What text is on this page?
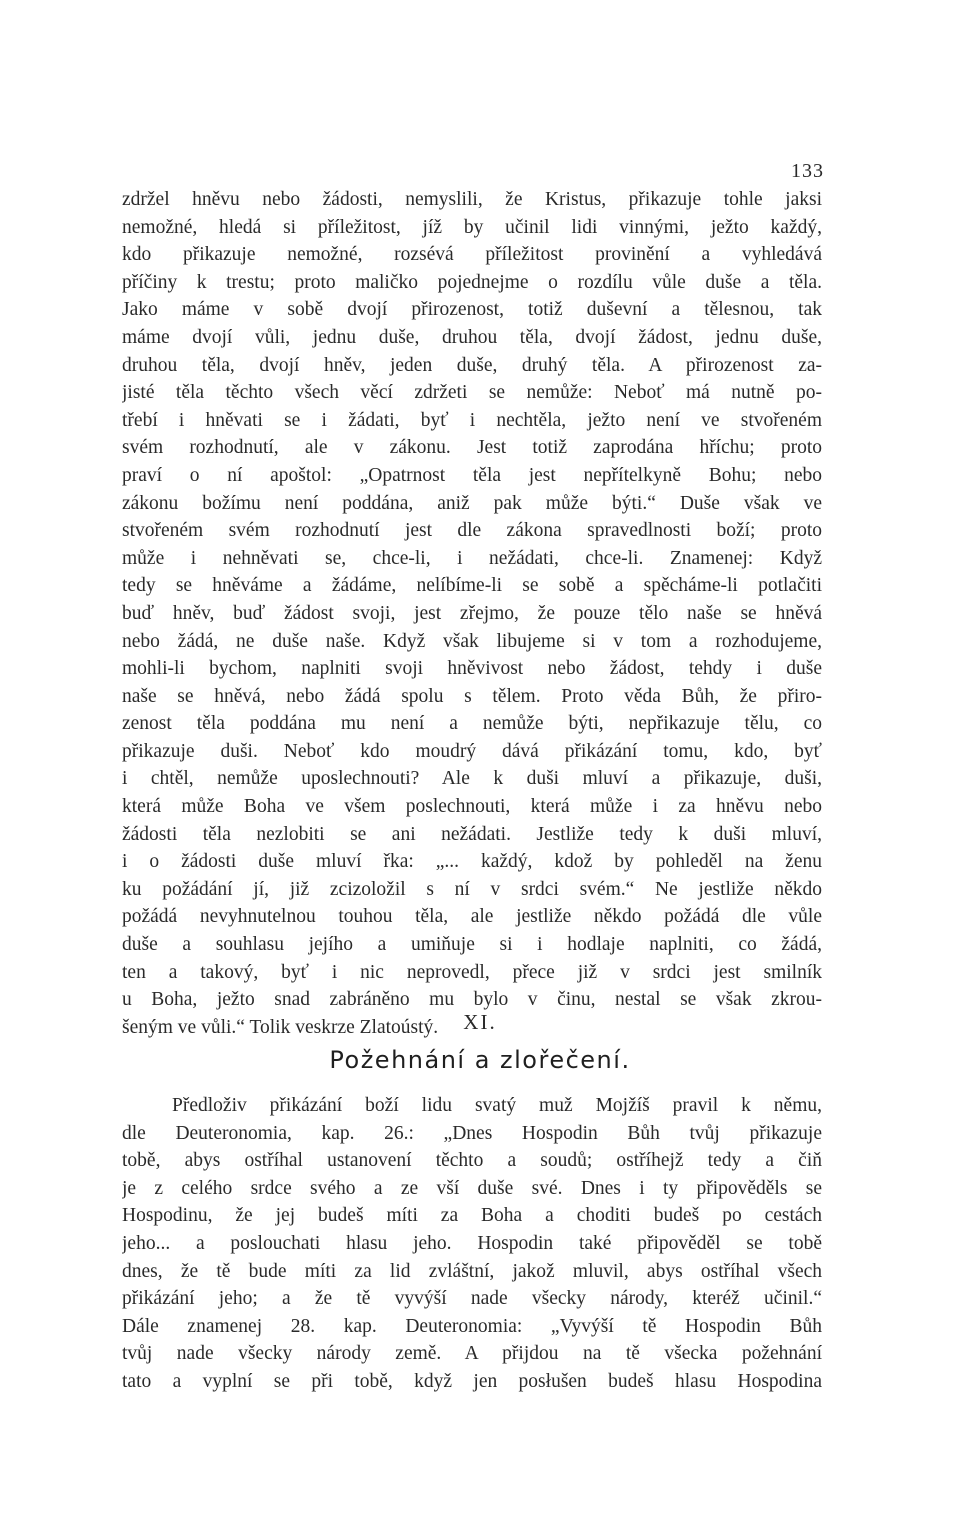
133
zdržel hněvu nebo žádosti, nemyslili, že Kristus, přikazuje tohle jaksi
nemožné, hledá si příležitost, jíž by učinil lidi vinnými, ježto každý,
kdo přikazuje nemožné, rozsévá příležitost provinění a vyhledává
příčiny k trestu; proto maličko pojednejme o rozdílu vůle duše a těla.
Jako máme v sobě dvojí přirozenost, totiž duševní a tělesnou, tak
máme dvojí vůli, jednu duše, druhou těla, dvojí žádost, jednu duše,
druhou těla, dvojí hněv, jeden duše, druhý těla. A přirozenost za-
jisté těla těchto všech věcí zdržeti se nemůže: Neboť má nutně po-
třebí i hněvati se i žádati, byť i nechtěla, ježto není ve stvořeném
svém rozhodnutí, ale v zákonu. Jest totiž zaprodána hříchu; proto
praví o ní apoštol: „Opatrnost těla jest nepřítelkyně Bohu; nebo
zákonu božímu není poddána, aniž pak může býti.“ Duše však ve
stvořeném svém rozhodnutí jest dle zákona spravedlnosti boží; proto
může i nehněvati se, chce-li, i nežádati, chce-li. Znamenej: Když
tedy se hněváme a žádáme, nelíbíme-li se sobě a spěcháme-li potlačiti
buď hněv, buď žádost svoji, jest zřejmo, že pouze tělo naše se hněvá
nebo žádá, ne duše naše. Když však libujeme si v tom a rozhodujeme,
mohli-li bychom, naplniti svoji hněvivost nebo žádost, tehdy i duše
naše se hněvá, nebo žádá spolu s tělem. Proto věda Bůh, že přiro-
zenost těla poddána mu není a nemůže býti, nepřikazuje tělu, co
přikazuje duši. Neboť kdo moudrý dává přikázání tomu, kdo, byť
i chtěl, nemůže uposlechnouti? Ale k duši mluví a přikazuje, duši,
která může Boha ve všem poslechnouti, která může i za hněvu nebo
žádosti těla nezlobiti se ani nežádati. Jestliže tedy k duši mluví,
i o žádosti duše mluví řka: „... každý, kdož by pohleděl na ženu
ku požádání jí, již zcizoložil s ní v srdci svém.“ Ne jestliže někdo
požádá nevyhnutelnou touhou těla, ale jestliže někdo požádá dle vůle
duše a souhlasu jejího a umiňuje si i hodlaje naplniti, co žádá,
ten a takový, byť i nic neprovedl, přece již v srdci jest smilník
u Boha, ježto snad zabráněno mu bylo v činu, nestal se však zkrou-
šeným ve vůli.“ Tolik veskrze Zlatoústý.	XI.
Požehnání a zlořečení.
Předloživ přikázání boží lidu svatý muž Mojžíš pravil k němu,
dle Deuteronomia, kap. 26.: „Dnes Hospodin Bůh tvůj přikazuje
tobě, abys ostříhal ustanovení těchto a soudů; ostříhejž tedy a čiň
je z celého srdce svého a ze vší duše své. Dnes i ty připověděls se
Hospodinu, že jej budeš míti za Boha a choditi budeš po cestách
jeho... a poslouchati hlasu jeho. Hospodin také připověděl se tobě
dnes, že tě bude míti za lid zvláštní, jakož mluvil, abys ostříhal všech
přikázání jeho; a že tě vyvýší nade všecky národy, kteréž učinil.“
Dále znamenej 28. kap. Deuteronomia: „Vyvýší tě Hospodin Bůh
tvůj nade všecky národy země. A přijdou na tě všecka požehnání
tato a vyplní se při tobě, když jen posłušen budeš hlasu Hospodina
